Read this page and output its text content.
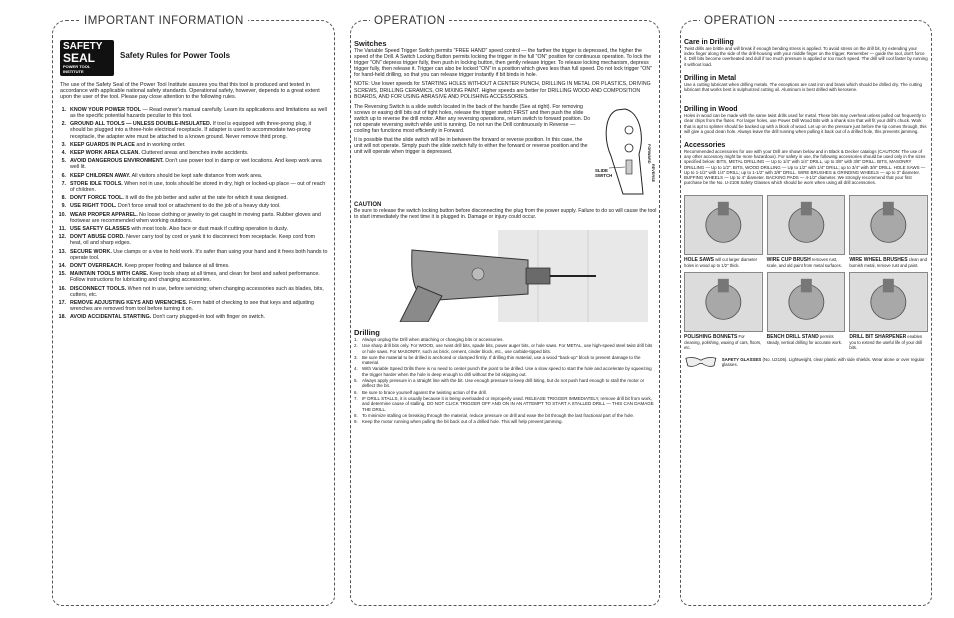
IMPORTANT INFORMATION	OPERATION	OPERATION
SAFETY
SEAL
POWER TOOL INSTITUTE
Safety Rules for Power Tools
The use of the Safety Seal of the Power Tool Institute assures you that this tool is produced and tested in accordance with applicable national safety standards. Operational safety, however, depends to a great extent upon the user of the tool. Please pay close attention to the following rules.
1. KNOW YOUR POWER TOOL — Read owner's manual carefully. Learn its applications and limitations as well as the specific potential hazards peculiar to this tool.
2. GROUND ALL TOOLS — UNLESS DOUBLE-INSULATED. If tool is equipped with three-prong plug, it should be plugged into a three-hole electrical receptacle. If adapter is used to accommodate two-prong receptacle, the adapter wire must be attached to a known ground. Never remove third prong.
3. KEEP GUARDS IN PLACE and in working order.
4. KEEP WORK AREA CLEAN. Cluttered areas and benches invite accidents.
5. AVOID DANGEROUS ENVIRONMENT. Don't use power tool in damp or wet locations. And keep work area well lit.
6. KEEP CHILDREN AWAY. All visitors should be kept safe distance from work area.
7. STORE IDLE TOOLS. When not in use, tools should be stored in dry, high or locked-up place — out of reach of children.
8. DON'T FORCE TOOL. It will do the job better and safer at the rate for which it was designed.
9. USE RIGHT TOOL. Don't force small tool or attachment to do the job of a heavy duty tool.
10. WEAR PROPER APPAREL. No loose clothing or jewelry to get caught in moving parts. Rubber gloves and footwear are recommended when working outdoors.
11. USE SAFETY GLASSES with most tools. Also face or dust mask if cutting operation is dusty.
12. DON'T ABUSE CORD. Never carry tool by cord or yank it to disconnect from receptacle. Keep cord from heat, oil and sharp edges.
13. SECURE WORK. Use clamps or a vise to hold work. It's safer than using your hand and it frees both hands to operate tool.
14. DON'T OVERREACH. Keep proper footing and balance at all times.
15. MAINTAIN TOOLS WITH CARE. Keep tools sharp at all times, and clean for best and safest performance. Follow instructions for lubricating and changing accessories.
16. DISCONNECT TOOLS. When not in use, before servicing; when changing accessories such as blades, bits, cutters, etc.
17. REMOVE ADJUSTING KEYS AND WRENCHES. Form habit of checking to see that keys and adjusting wrenches are removed from tool before turning it on.
18. AVOID ACCIDENTAL STARTING. Don't carry plugged-in tool with finger on switch.
Switches
The Variable Speed Trigger Switch permits "FREE HAND" speed control — the farther the trigger is depressed, the higher the speed of the Drill. A Switch Locking Button permits locking the trigger in the full "ON" position for continuous operation. To lock the trigger "ON" depress trigger fully, then push in locking button, then gently release trigger. To release locking mechanism, depress trigger fully, then release it. Trigger can also be locked "ON" in a position which gives less than full speed. Do not lock trigger "ON" for hand-held drilling, so that you can release trigger instantly if bit binds in hole.
NOTE: Use lower speeds for STARTING HOLES WITHOUT A CENTER PUNCH, DRILLING IN METAL OR PLASTICS, DRIVING SCREWS, DRILLING CERAMICS, OR MIXING PAINT. Higher speeds are better for DRILLING WOOD AND COMPOSITION BOARDS, AND FOR USING ABRASIVE AND POLISHING ACCESSORIES.
The Reversing Switch is a slide switch located in the back of the handle (See at right). For removing screws or easing drill bits out of tight holes, release the trigger switch FIRST and then push the slide switch up to reverse the drill motor. After any reversing operations, return switch to forward position. Do not operate reversing switch while unit is running. Do not run the Drill continuously in Reverse — cooling fan functions most efficiently in Forward.
It is possible that the slide switch will be in between the forward or reverse position. In this case, the unit will not operate. Simply push the slide switch fully to either the forward or reverse position and the unit will operate when trigger is depressed.
SLIDE SWITCH
FORWARD
REVERSE
CAUTION
Be sure to release the switch locking button before disconnecting the plug from the power supply. Failure to do so will cause the tool to start immediately the next time it is plugged in. Damage or injury could occur.
Drilling
1. Always unplug the Drill when attaching or changing bits or accessories.
2. Use sharp drill bits only. For WOOD, use twist drill bits, spade bits, power auger bits, or hole saws. For METAL, use high-speed steel twist drill bits or hole saws. For MASONRY, such as brick, cement, cinder block, etc., use carbide-tipped bits.
3. Be sure the material to be drilled is anchored or clamped firmly. If drilling thin material, use a wood "back-up" block to prevent damage to the material.
4. With Variable Speed Drills there is no need to center punch the point to be drilled. Use a slow speed to start the hole and accelerate by squeezing the trigger harder when the hole is deep enough to drill without the bit skipping out.
5. Always apply pressure in a straight line with the bit. Use enough pressure to keep drill biting, but do not push hard enough to stall the motor or deflect the bit.
6. Be sure to brace yourself against the twisting action of the drill.
7. IF DRILL STALLS, it is usually because it is being overloaded or improperly used. RELEASE TRIGGER IMMEDIATELY, remove drill bit from work, and determine cause of stalling. DO NOT CLICK TRIGGER OFF AND ON IN AN ATTEMPT TO START A STALLED DRILL — THIS CAN DAMAGE THE DRILL.
8. To minimize stalling on breaking through the material, reduce pressure on drill and ease the bit through the last fractional part of the hole.
9. Keep the motor running when pulling the bit back out of a drilled hole. This will help prevent jamming.
Care in Drilling
Twist drills are brittle and will break if enough bending stress is applied. To avoid stress on the drill bit, try extending your index finger along the side of the drill-housing with your middle finger on the trigger. Remember — guide the tool, don't force it. Drill bits become overheated and dull if too much pressure is applied or too much speed. The drill will cool faster by running it without load.
Drilling in Metal
Use a cutting lubricant when drilling metals. The exceptions are cast iron and brass which should be drilled dry. The cutting lubricant that works best is sulphurized cutting oil. Aluminum is best drilled with kerosene.
Drilling in Wood
Holes in wood can be made with the same twist drills used for metal. These bits may overheat unless pulled out frequently to clear chips from the flutes. For larger holes, use Power Drill Wood Bits with a shank size that will fit your drill's chuck. Work that is apt to splinter should be backed up with a block of wood. Let up on the pressure just before the tip comes through, this will give a good clean hole. Always leave the drill running when pulling it back out of a drilled hole, this prevents jamming.
Accessories
Recommended accessories for use with your Drill are shown below and in Black & Decker catalogs (CAUTION: The use of any other accessory might be more hazardous). For safety in use, the following accessories should be used only in the sizes specified below: BITS, METAL DRILLING — Up to 1/4" with 1/4" DRILL, up to 3/8" with 3/8" DRILL. BITS, MASONRY DRILLING — Up to 1/2". BITS, WOOD DRILLING — Up to 1/2" with 1/4" DRILL; up to 3/4" with 3/8" DRILL. HOLE SAWS — Up to 1-1/2" with 1/4" DRILL; up to 1-1/2" with 3/8" DRILL. WIRE BRUSHES & GRINDING WHEELS — up to 3" diameter. BUFFING WHEELS — Up to 4" diameter. BACKING PADS — 4-1/2" diameter. We strongly recommend that your first purchase be the No. U-2106 Safety Glasses which should be worn when using all drill accessories.
HOLE SAWS will cut larger diameter holes in wood up to 1/2" thick.
WIRE CUP BRUSH removes rust, scale, and old paint from metal surfaces.
WIRE WHEEL BRUSHES clean and burnish metal, remove rust and paint.
POLISHING BONNETS For cleaning, polishing, waxing of cars, floors, etc.
BENCH DRILL STAND permits steady, vertical drilling for accurate work.
DRILL BIT SHARPENER enables you to extend the useful life of your drill bits.
SAFETY GLASSES (No. U2106). Lightweight, clear plastic with side shields. Wear alone or over regular glasses.
